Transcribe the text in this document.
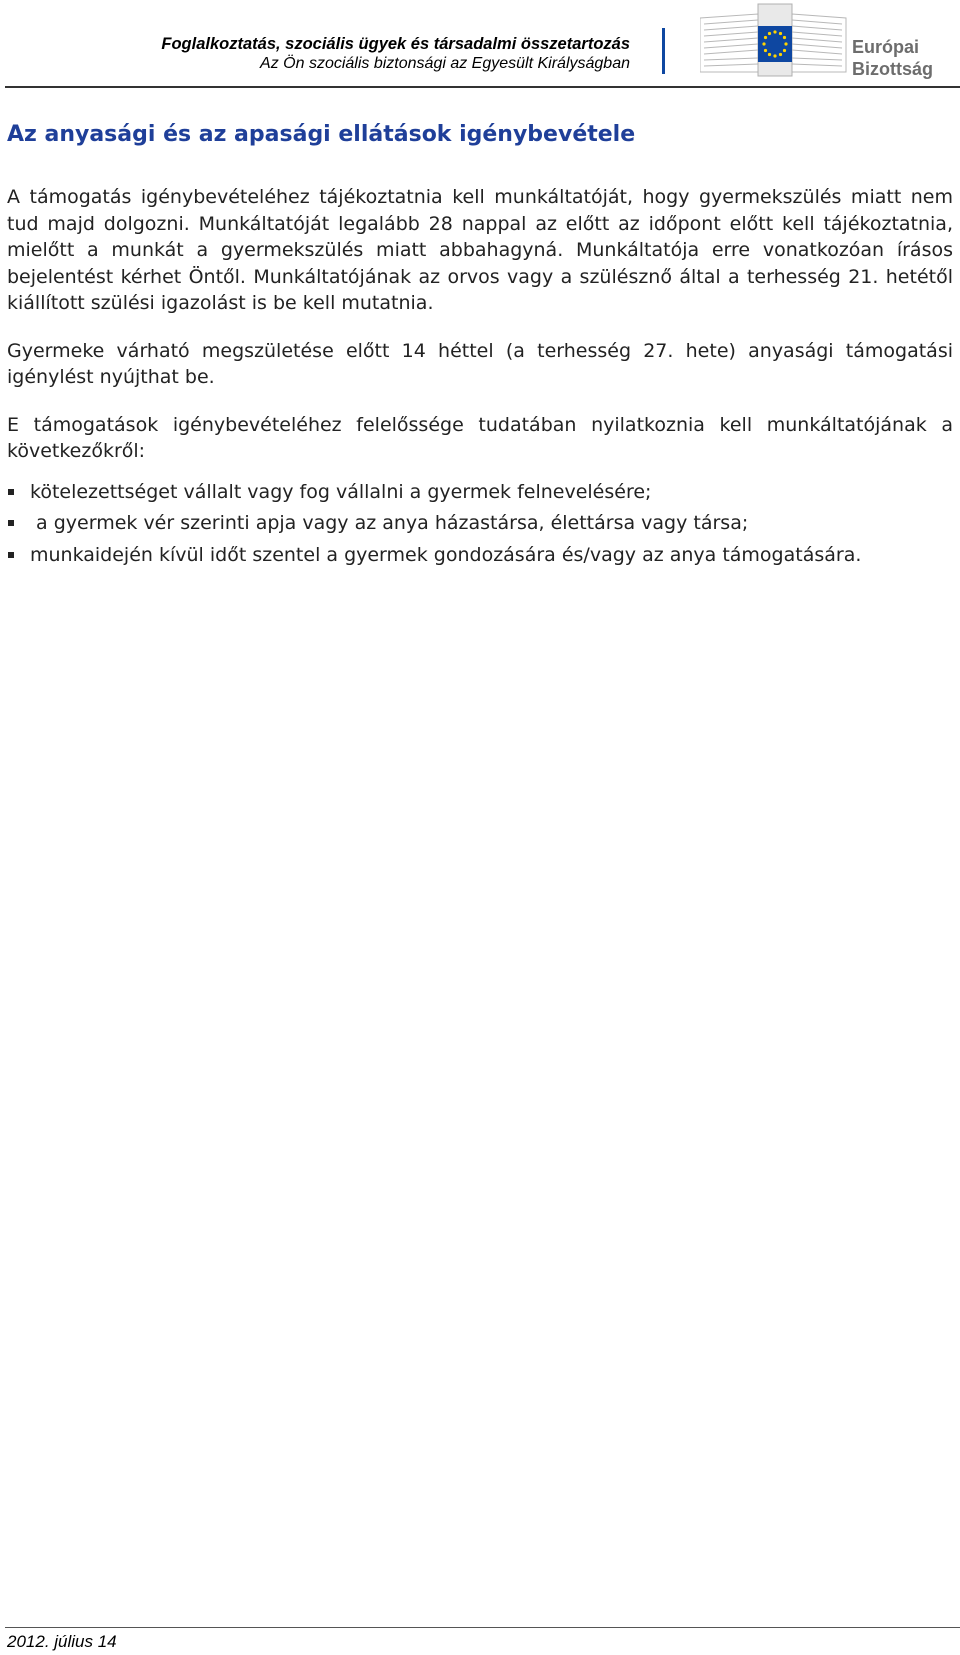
Foglalkoztatás, szociális ügyek és társadalmi összetartozás
Az Ön szociális biztonsági az Egyesült Királyságban
Európai
Bizottság
Az anyasági és az apasági ellátások igénybevétele

A támogatás igénybevételéhez tájékoztatnia kell munkáltatóját, hogy gyermekszülés miatt nem tud majd dolgozni. Munkáltatóját legalább 28 nappal az előtt az időpont előtt kell tájékoztatnia, mielőtt a munkát a gyermekszülés miatt abbahagyná. Munkáltatója erre vonatkozóan írásos bejelentést kérhet Öntől. Munkáltatójának az orvos vagy a szülésznő által a terhesség 21. hetétől kiállított szülési igazolást is be kell mutatnia.

Gyermeke várható megszületése előtt 14 héttel (a terhesség 27. hete) anyasági támogatási igénylést nyújthat be.

E támogatások igénybevételéhez felelőssége tudatában nyilatkoznia kell munkáltatójának a következőkről:

kötelezettséget vállalt vagy fog vállalni a gyermek felnevelésére;
a gyermek vér szerinti apja vagy az anya házastársa, élettársa vagy társa;
munkaidején kívül időt szentel a gyermek gondozására és/vagy az anya támogatására.
2012. július 14
